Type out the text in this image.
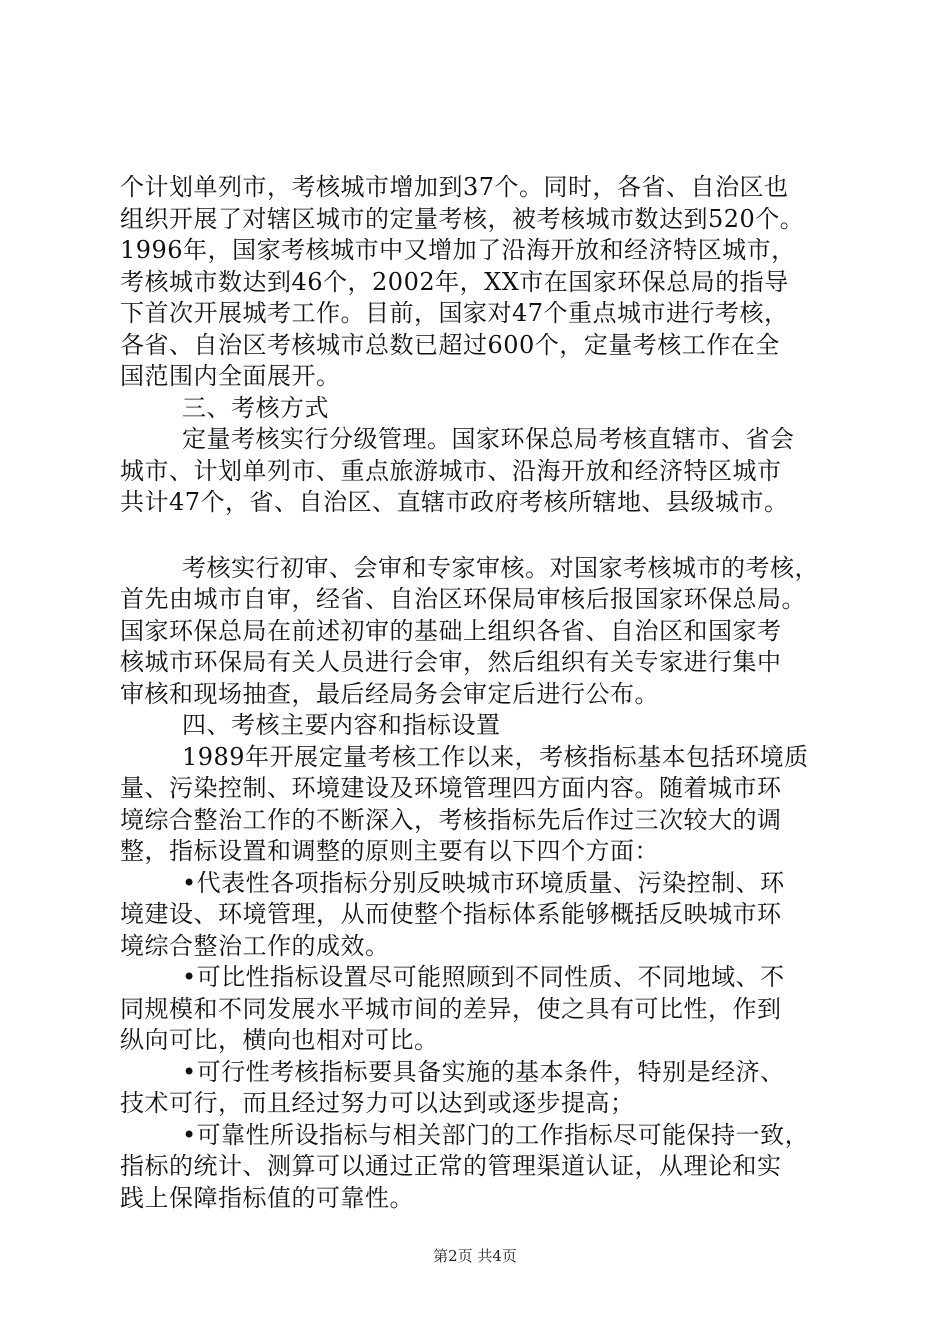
个计划单列市，考核城市增加到37个。同时，各省、自治区也
组织开展了对辖区城市的定量考核，被考核城市数达到520个。
1996年，国家考核城市中又增加了沿海开放和经济特区城市，
考核城市数达到46个，2002年，XX市在国家环保总局的指导
下首次开展城考工作。目前，国家对47个重点城市进行考核，
各省、自治区考核城市总数已超过600个，定量考核工作在全
国范围内全面展开。
三、考核方式
定量考核实行分级管理。国家环保总局考核直辖市、省会
城市、计划单列市、重点旅游城市、沿海开放和经济特区城市
共计47个，省、自治区、直辖市政府考核所辖地、县级城市。
考核实行初审、会审和专家审核。对国家考核城市的考核，
首先由城市自审，经省、自治区环保局审核后报国家环保总局。
国家环保总局在前述初审的基础上组织各省、自治区和国家考
核城市环保局有关人员进行会审，然后组织有关专家进行集中
审核和现场抽查，最后经局务会审定后进行公布。
四、考核主要内容和指标设置
1989年开展定量考核工作以来，考核指标基本包括环境质
量、污染控制、环境建设及环境管理四方面内容。随着城市环
境综合整治工作的不断深入，考核指标先后作过三次较大的调
整，指标设置和调整的原则主要有以下四个方面：
•代表性各项指标分别反映城市环境质量、污染控制、环
境建设、环境管理，从而使整个指标体系能够概括反映城市环
境综合整治工作的成效。
•可比性指标设置尽可能照顾到不同性质、不同地域、不
同规模和不同发展水平城市间的差异，使之具有可比性，作到
纵向可比，横向也相对可比。
•可行性考核指标要具备实施的基本条件，特别是经济、
技术可行，而且经过努力可以达到或逐步提高；
•可靠性所设指标与相关部门的工作指标尽可能保持一致，
指标的统计、测算可以通过正常的管理渠道认证，从理论和实
践上保障指标值的可靠性。
第2页 共4页
